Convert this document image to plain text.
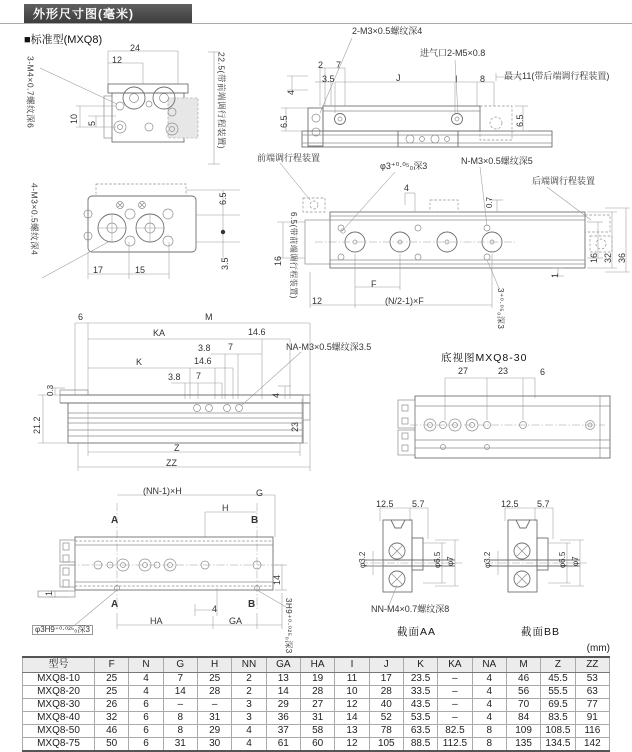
外形尺寸图(毫米)
■标准型(MXQ8)
3-M4×0.7螺纹深6
24
12
10 5	22.5(带前端调行程装置)
2-M3×0.5螺纹深4
进气口2-M5×0.8
2 7
3.5	J	I 8 最大11(带后端调行程装置)
4
6.5	6.5
4-M3×0.5螺纹深4
17	15
6.5
3.5
前端调行程装置
φ3⁺⁰·⁰⁵₀深3	N-M3×0.5螺纹深5
后端调行程装置
6.5(带前端调行程装置)
4
0.7
16	16 32 36
1
F
(N/2-1)×F
12	3⁺⁰·⁰⁵₀深3
6	M
KA	14.6
3.8 7
K	14.6
3.8 7
NA-M3×0.5螺纹深3.5
0.3
21.2
4
23
Z
ZZ
底视图MXQ8-30
27	23	6
(NN-1)×H	G
H
A	B
1
14
A	B
4
HA	GA
φ3H9⁺⁰·⁰²⁵₀深3	3H9⁺⁰·⁰²⁵₀深3
12.5 5.7
φ3.2	φ6.5 φ7
NN-M4×0.7螺纹深8
截面AA
12.5 5.7
φ3.2	φ6.5 φ7
截面BB
(mm)
型号	F	N	G	H	NN	GA	HA	I	J	K	KA	NA	M	Z	ZZ
MXQ8-10	25	4	7	25	2	13	19	11	17	23.5	–	4	46	45.5	53
MXQ8-20	25	4	14	28	2	14	28	10	28	33.5	–	4	56	55.5	63
MXQ8-30	26	6	–	–	3	29	27	12	40	43.5	–	4	70	69.5	77
MXQ8-40	32	6	8	31	3	36	31	14	52	53.5	–	4	84	83.5	91
MXQ8-50	46	6	8	29	4	37	58	13	78	63.5	82.5	8	109	108.5	116
MXQ8-75	50	6	31	30	4	61	60	12	105	88.5	112.5	8	135	134.5	142
